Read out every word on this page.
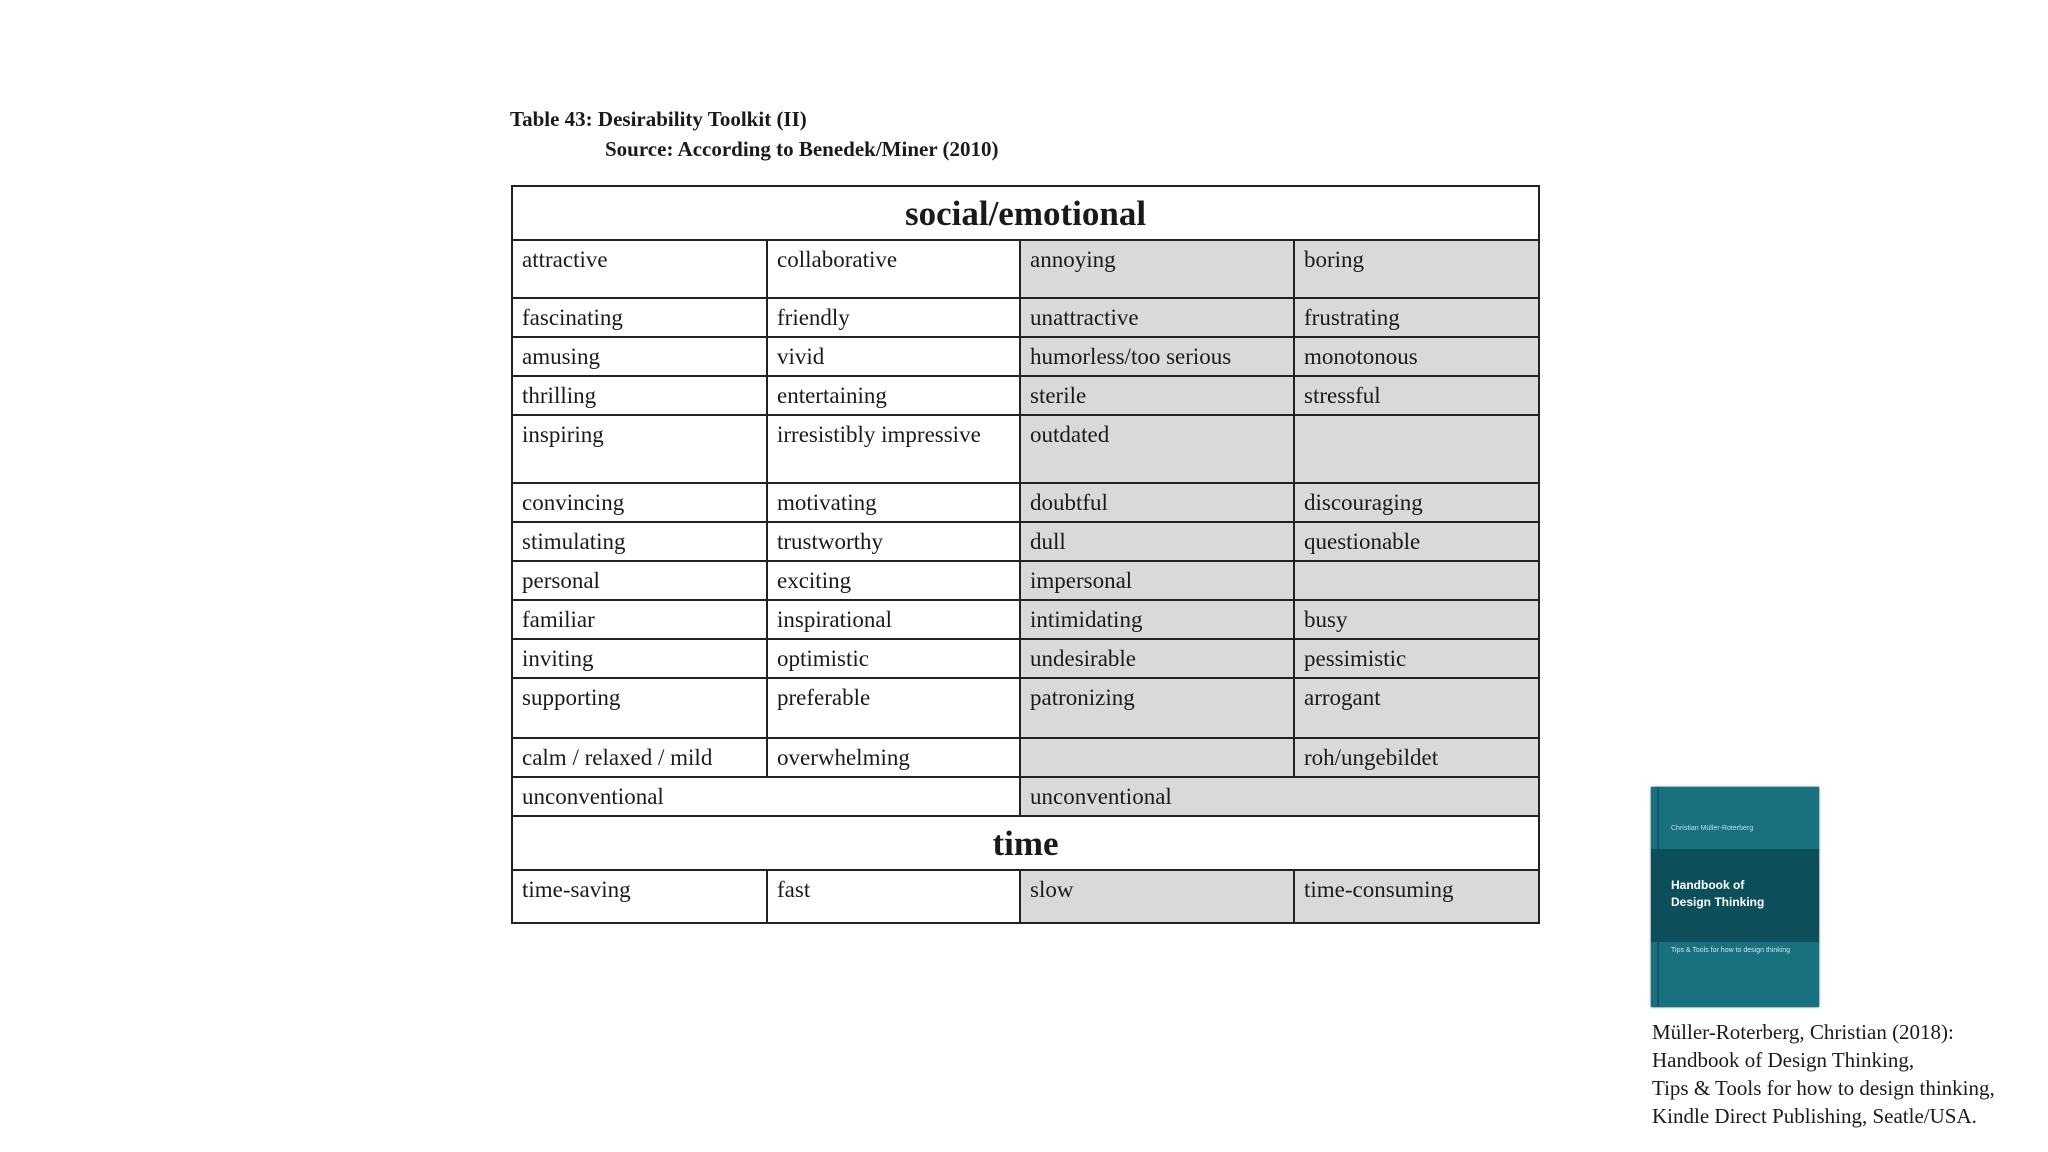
Table 43: Desirability Toolkit (II)
Source: According to Benedek/Miner (2010)
social/emotional			
attractive	collaborative	annoying	boring
fascinating	friendly	unattractive	frustrating
amusing	vivid	humorless/too serious	monotonous
thrilling	entertaining	sterile	stressful
inspiring	irresistibly impressive	outdated	
convincing	motivating	doubtful	discouraging
stimulating	trustworthy	dull	questionable
personal	exciting	impersonal	
familiar	inspirational	intimidating	busy
inviting	optimistic	undesirable	pessimistic
supporting	preferable	patronizing	arrogant
calm / relaxed / mild	overwhelming		roh/ungebildet
unconventional		unconventional	
time			
time-saving	fast	slow	time-consuming
Christian Müller-Roterberg
Handbook of
Design Thinking
Tips & Tools for how to design thinking
Müller-Roterberg, Christian (2018):
Handbook of Design Thinking,
Tips & Tools for how to design thinking,
Kindle Direct Publishing, Seatle/USA.
